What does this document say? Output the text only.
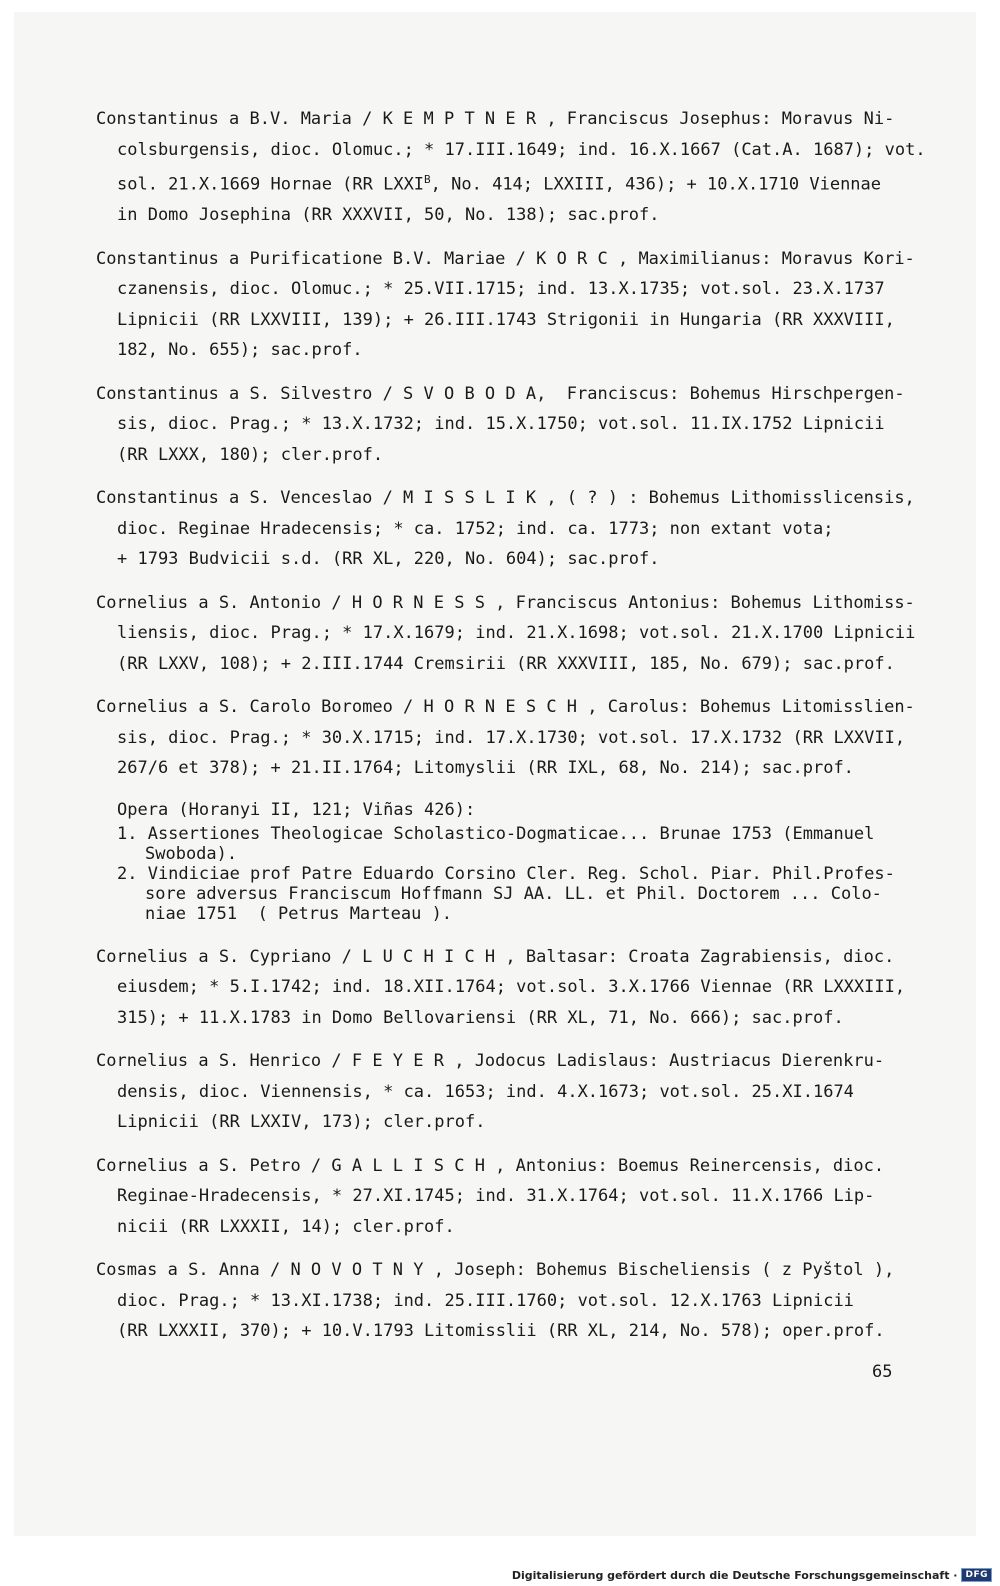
Constantinus a B.V. Maria / K E M P T N E R , Franciscus Josephus: Moravus Ni-
colsburgensis, dioc. Olomuc.; * 17.III.1649; ind. 16.X.1667 (Cat.A. 1687); vot.
sol. 21.X.1669 Hornae (RR $LXXI^B$, No. 414; LXXIII, 436); + 10.X.1710 Viennae
in Domo Josephina (RR XXXVII, 50, No. 138); sac.prof.
Constantinus a Purificatione B.V. Mariae / K O R C , Maximilianus: Moravus Kori-
czanensis, dioc. Olomuc.; * 25.VII.1715; ind. 13.X.1735; vot.sol. 23.X.1737
Lipnicii (RR LXXVIII, 139); + 26.III.1743 Strigonii in Hungaria (RR XXXVIII,
182, No. 655); sac.prof.
Constantinus a S. Silvestro / S V O B O D A,  Franciscus: Bohemus Hirschpergen-
sis, dioc. Prag.; * 13.X.1732; ind. 15.X.1750; vot.sol. 11.IX.1752 Lipnicii
(RR LXXX, 180); cler.prof.
Constantinus a S. Venceslao / M I S S L I K , ( ? ) : Bohemus Lithomisslicensis,
dioc. Reginae Hradecensis; * ca. 1752; ind. ca. 1773; non extant vota;
+ 1793 Budvicii s.d. (RR XL, 220, No. 604); sac.prof.
Cornelius a S. Antonio / H O R N E S S , Franciscus Antonius: Bohemus Lithomiss-
liensis, dioc. Prag.; * 17.X.1679; ind. 21.X.1698; vot.sol. 21.X.1700 Lipnicii
(RR LXXV, 108); + 2.III.1744 Cremsirii (RR XXXVIII, 185, No. 679); sac.prof.
Cornelius a S. Carolo Boromeo / H O R N E S C H , Carolus: Bohemus Litomisslien-
sis, dioc. Prag.; * 30.X.1715; ind. 17.X.1730; vot.sol. 17.X.1732 (RR LXXVII,
267/6 et 378); + 21.II.1764; Litomyslii (RR IXL, 68, No. 214); sac.prof.
Opera (Horanyi II, 121; Viñas 426):
1. Assertiones Theologicae Scholastico-Dogmaticae... Brunae 1753 (Emmanuel
Swoboda).
2. Vindiciae prof Patre Eduardo Corsino Cler. Reg. Schol. Piar. Phil.Profes-
sore adversus Franciscum Hoffmann SJ AA. LL. et Phil. Doctorem ... Colo-
niae 1751  ( Petrus Marteau ).
Cornelius a S. Cypriano / L U C H I C H , Baltasar: Croata Zagrabiensis, dioc.
eiusdem; * 5.I.1742; ind. 18.XII.1764; vot.sol. 3.X.1766 Viennae (RR LXXXIII,
315); + 11.X.1783 in Domo Bellovariensi (RR XL, 71, No. 666); sac.prof.
Cornelius a S. Henrico / F E Y E R , Jodocus Ladislaus: Austriacus Dierenkru-
densis, dioc. Viennensis, * ca. 1653; ind. 4.X.1673; vot.sol. 25.XI.1674
Lipnicii (RR LXXIV, 173); cler.prof.
Cornelius a S. Petro / G A L L I S C H , Antonius: Boemus Reinercensis, dioc.
Reginae-Hradecensis, * 27.XI.1745; ind. 31.X.1764; vot.sol. 11.X.1766 Lip-
nicii (RR LXXXII, 14); cler.prof.
Cosmas a S. Anna / N O V O T N Y , Joseph: Bohemus Bischeliensis ( z Pyštol ),
dioc. Prag.; * 13.XI.1738; ind. 25.III.1760; vot.sol. 12.X.1763 Lipnicii
(RR LXXXII, 370); + 10.V.1793 Litomisslii (RR XL, 214, No. 578); oper.prof.
65
Digitalisierung gefördert durch die Deutsche Forschungsgemeinschaft · DFG
